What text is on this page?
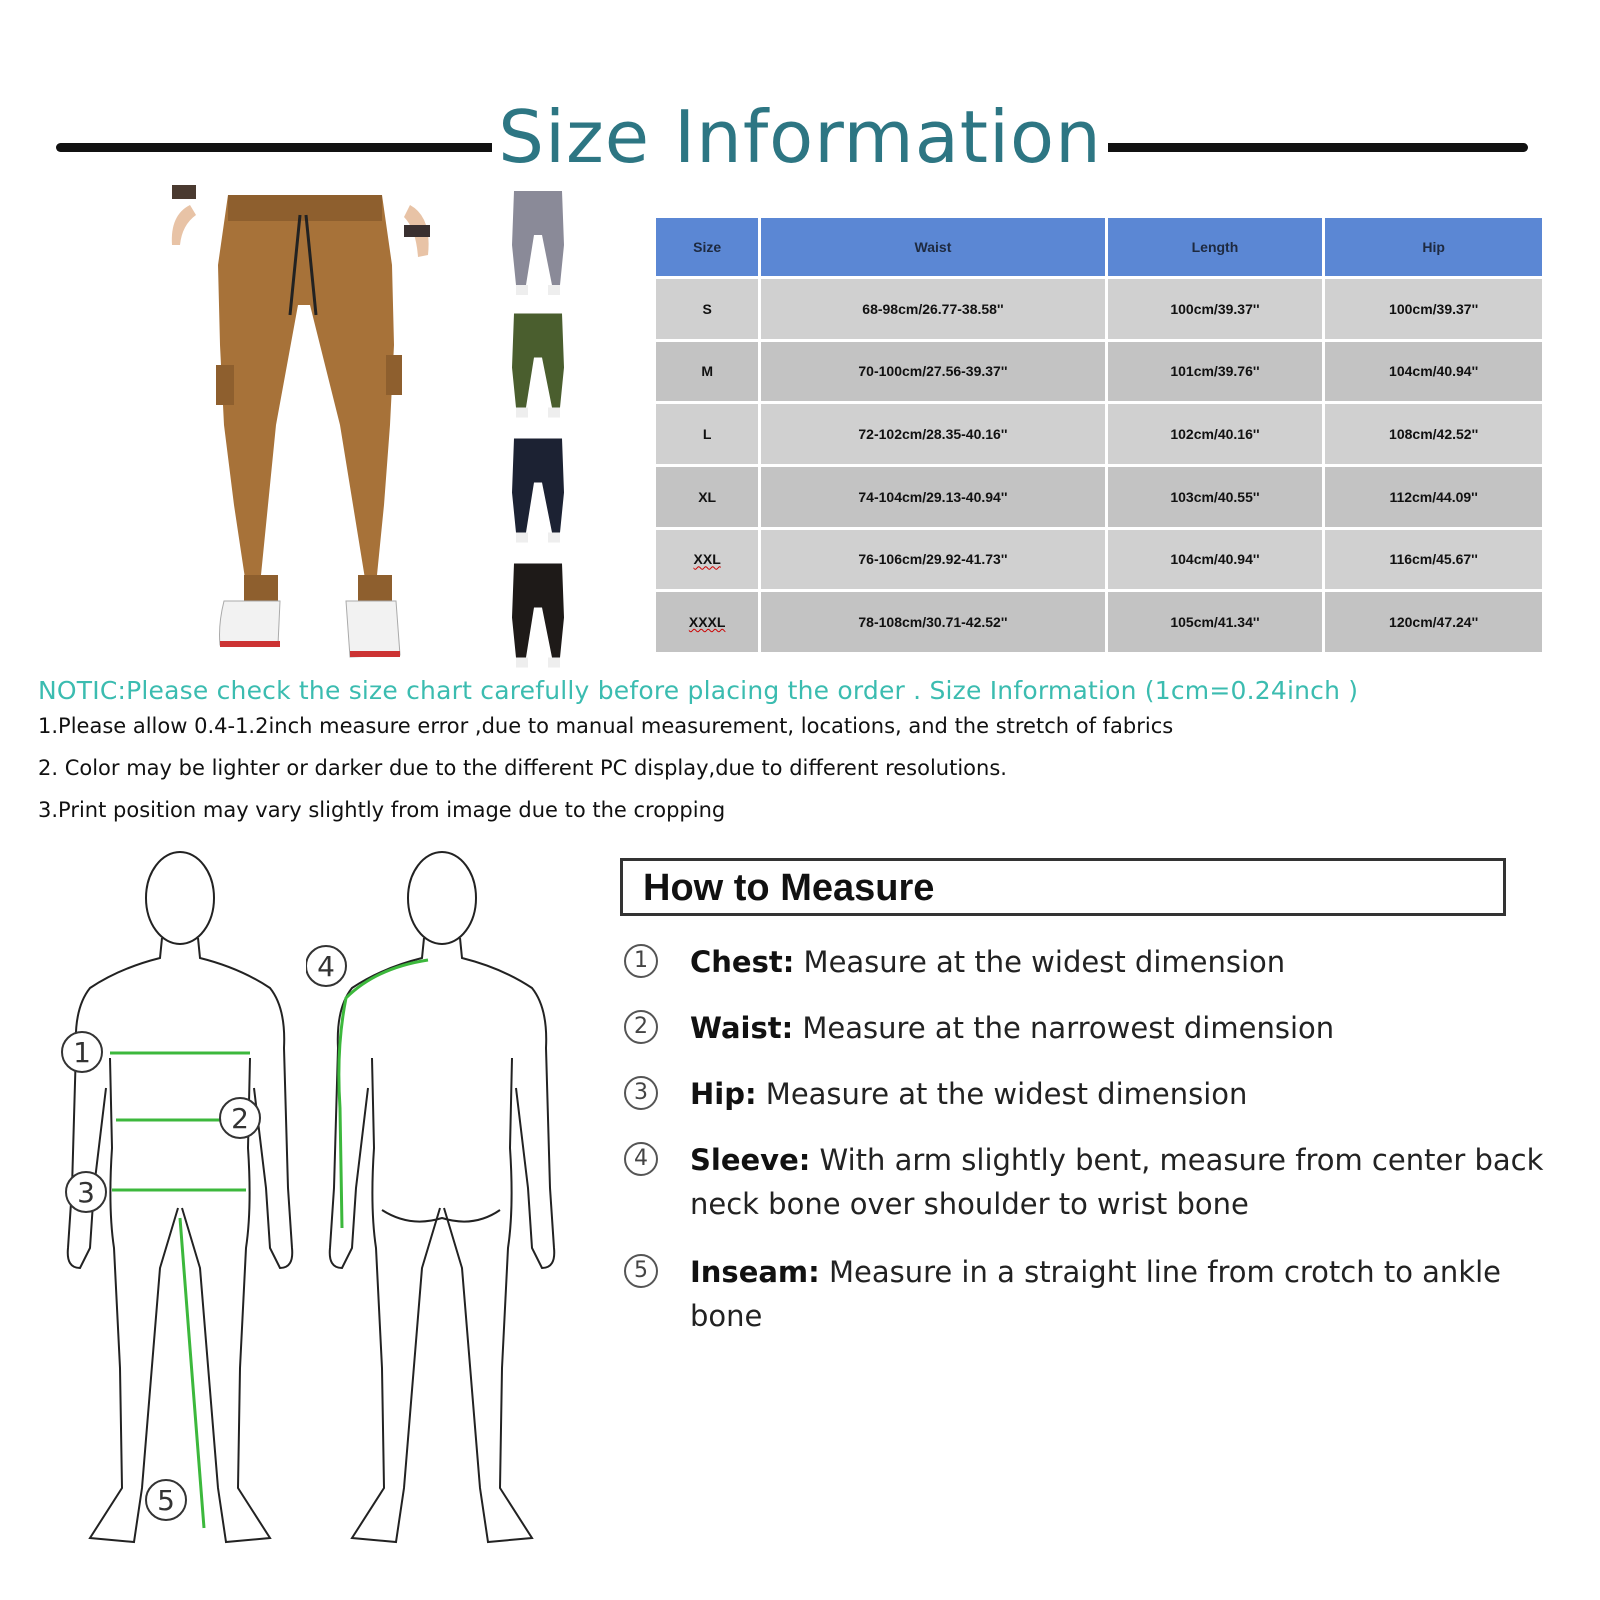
Size Information
Size	Waist	Length	Hip
S	68-98cm/26.77-38.58''	100cm/39.37''	100cm/39.37''
M	70-100cm/27.56-39.37''	101cm/39.76''	104cm/40.94''
L	72-102cm/28.35-40.16''	102cm/40.16''	108cm/42.52''
XL	74-104cm/29.13-40.94''	103cm/40.55''	112cm/44.09''
XXL	76-106cm/29.92-41.73''	104cm/40.94''	116cm/45.67''
XXXL	78-108cm/30.71-42.52''	105cm/41.34''	120cm/47.24''
NOTIC:Please check the size chart carefully before placing the order . Size Information (1cm=0.24inch )
1.Please allow 0.4-1.2inch measure error ,due to manual measurement, locations, and the stretch of fabrics
2. Color may be lighter or darker due to the different PC display,due to different resolutions.
3.Print position may vary slightly from image due to the cropping
1
2
3
5
4
How to Measure
1	Chest: Measure at the widest dimension
2	Waist: Measure at the narrowest dimension
3	Hip: Measure at the widest dimension
4	Sleeve: With arm slightly bent, measure from center back neck bone over shoulder to wrist bone
5	Inseam: Measure in a straight line from crotch to ankle bone
